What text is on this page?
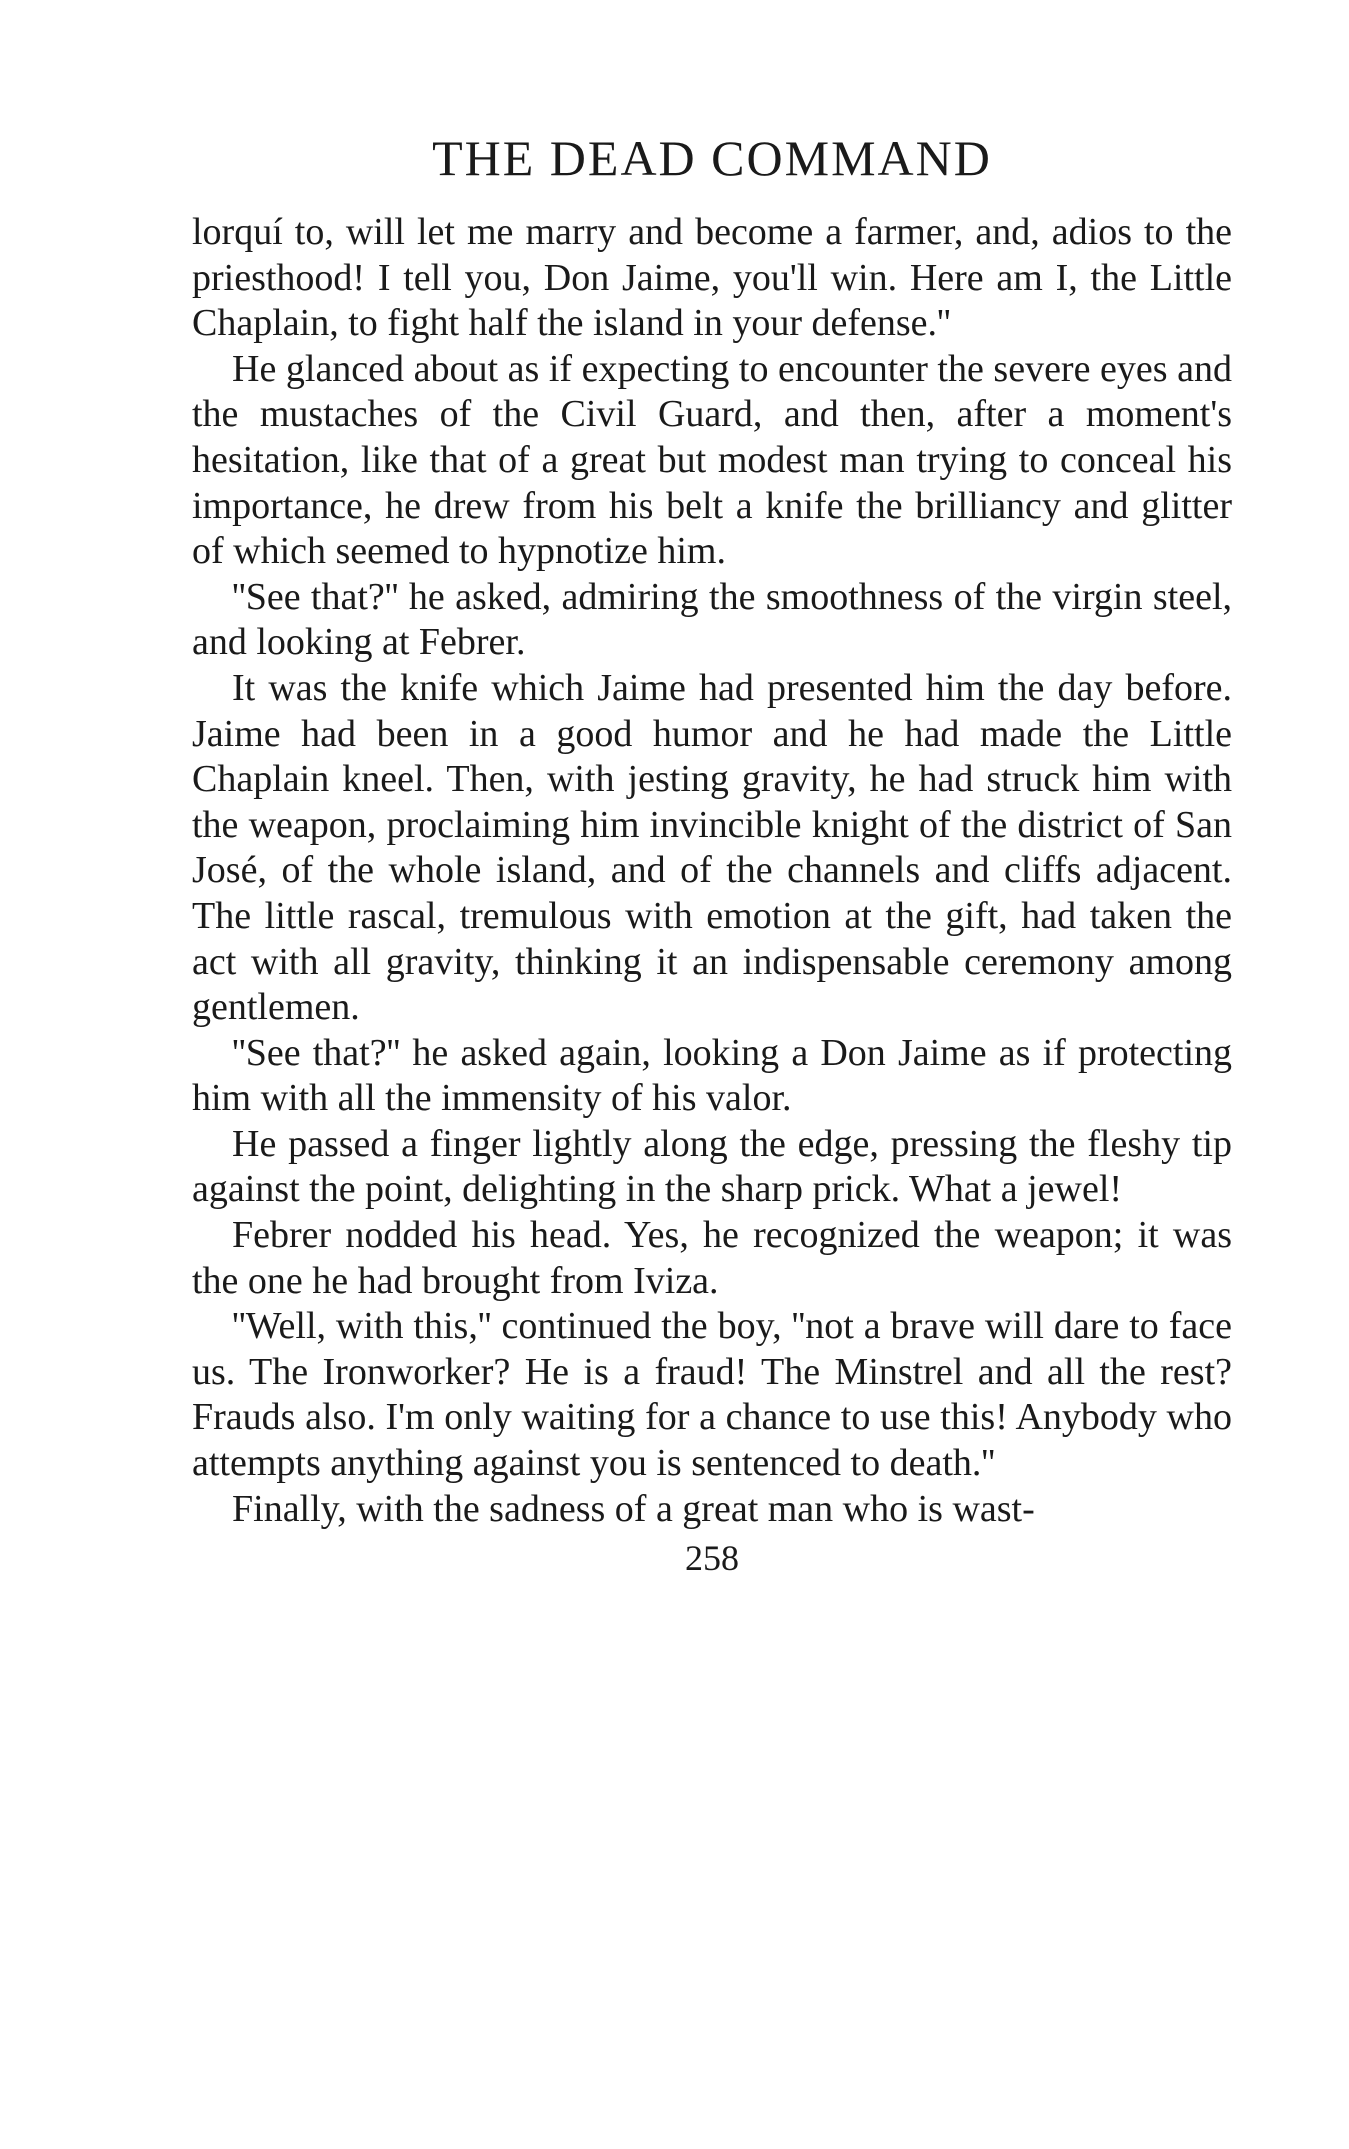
THE DEAD COMMAND

lorquí to, will let me marry and become a farmer, and, adios to the priesthood! I tell you, Don Jaime, you'll win. Here am I, the Little Chaplain, to fight half the island in your defense.''

He glanced about as if expecting to encounter the severe eyes and the mustaches of the Civil Guard, and then, after a moment's hesitation, like that of a great but modest man trying to conceal his importance, he drew from his belt a knife the brilliancy and glitter of which seemed to hypnotize him.

''See that?'' he asked, admiring the smoothness of the virgin steel, and looking at Febrer.

It was the knife which Jaime had presented him the day before. Jaime had been in a good humor and he had made the Little Chaplain kneel. Then, with jesting gravity, he had struck him with the weapon, proclaiming him invincible knight of the district of San José, of the whole island, and of the channels and cliffs adjacent. The little rascal, tremulous with emotion at the gift, had taken the act with all gravity, thinking it an indispensable ceremony among gentlemen.

''See that?'' he asked again, looking a Don Jaime as if protecting him with all the immensity of his valor.

He passed a finger lightly along the edge, pressing the fleshy tip against the point, delighting in the sharp prick. What a jewel!

Febrer nodded his head. Yes, he recognized the weapon; it was the one he had brought from Iviza.

''Well, with this,'' continued the boy, ''not a brave will dare to face us. The Ironworker? He is a fraud! The Minstrel and all the rest? Frauds also. I'm only waiting for a chance to use this! Anybody who attempts anything against you is sentenced to death.''

Finally, with the sadness of a great man who is wast-

258
